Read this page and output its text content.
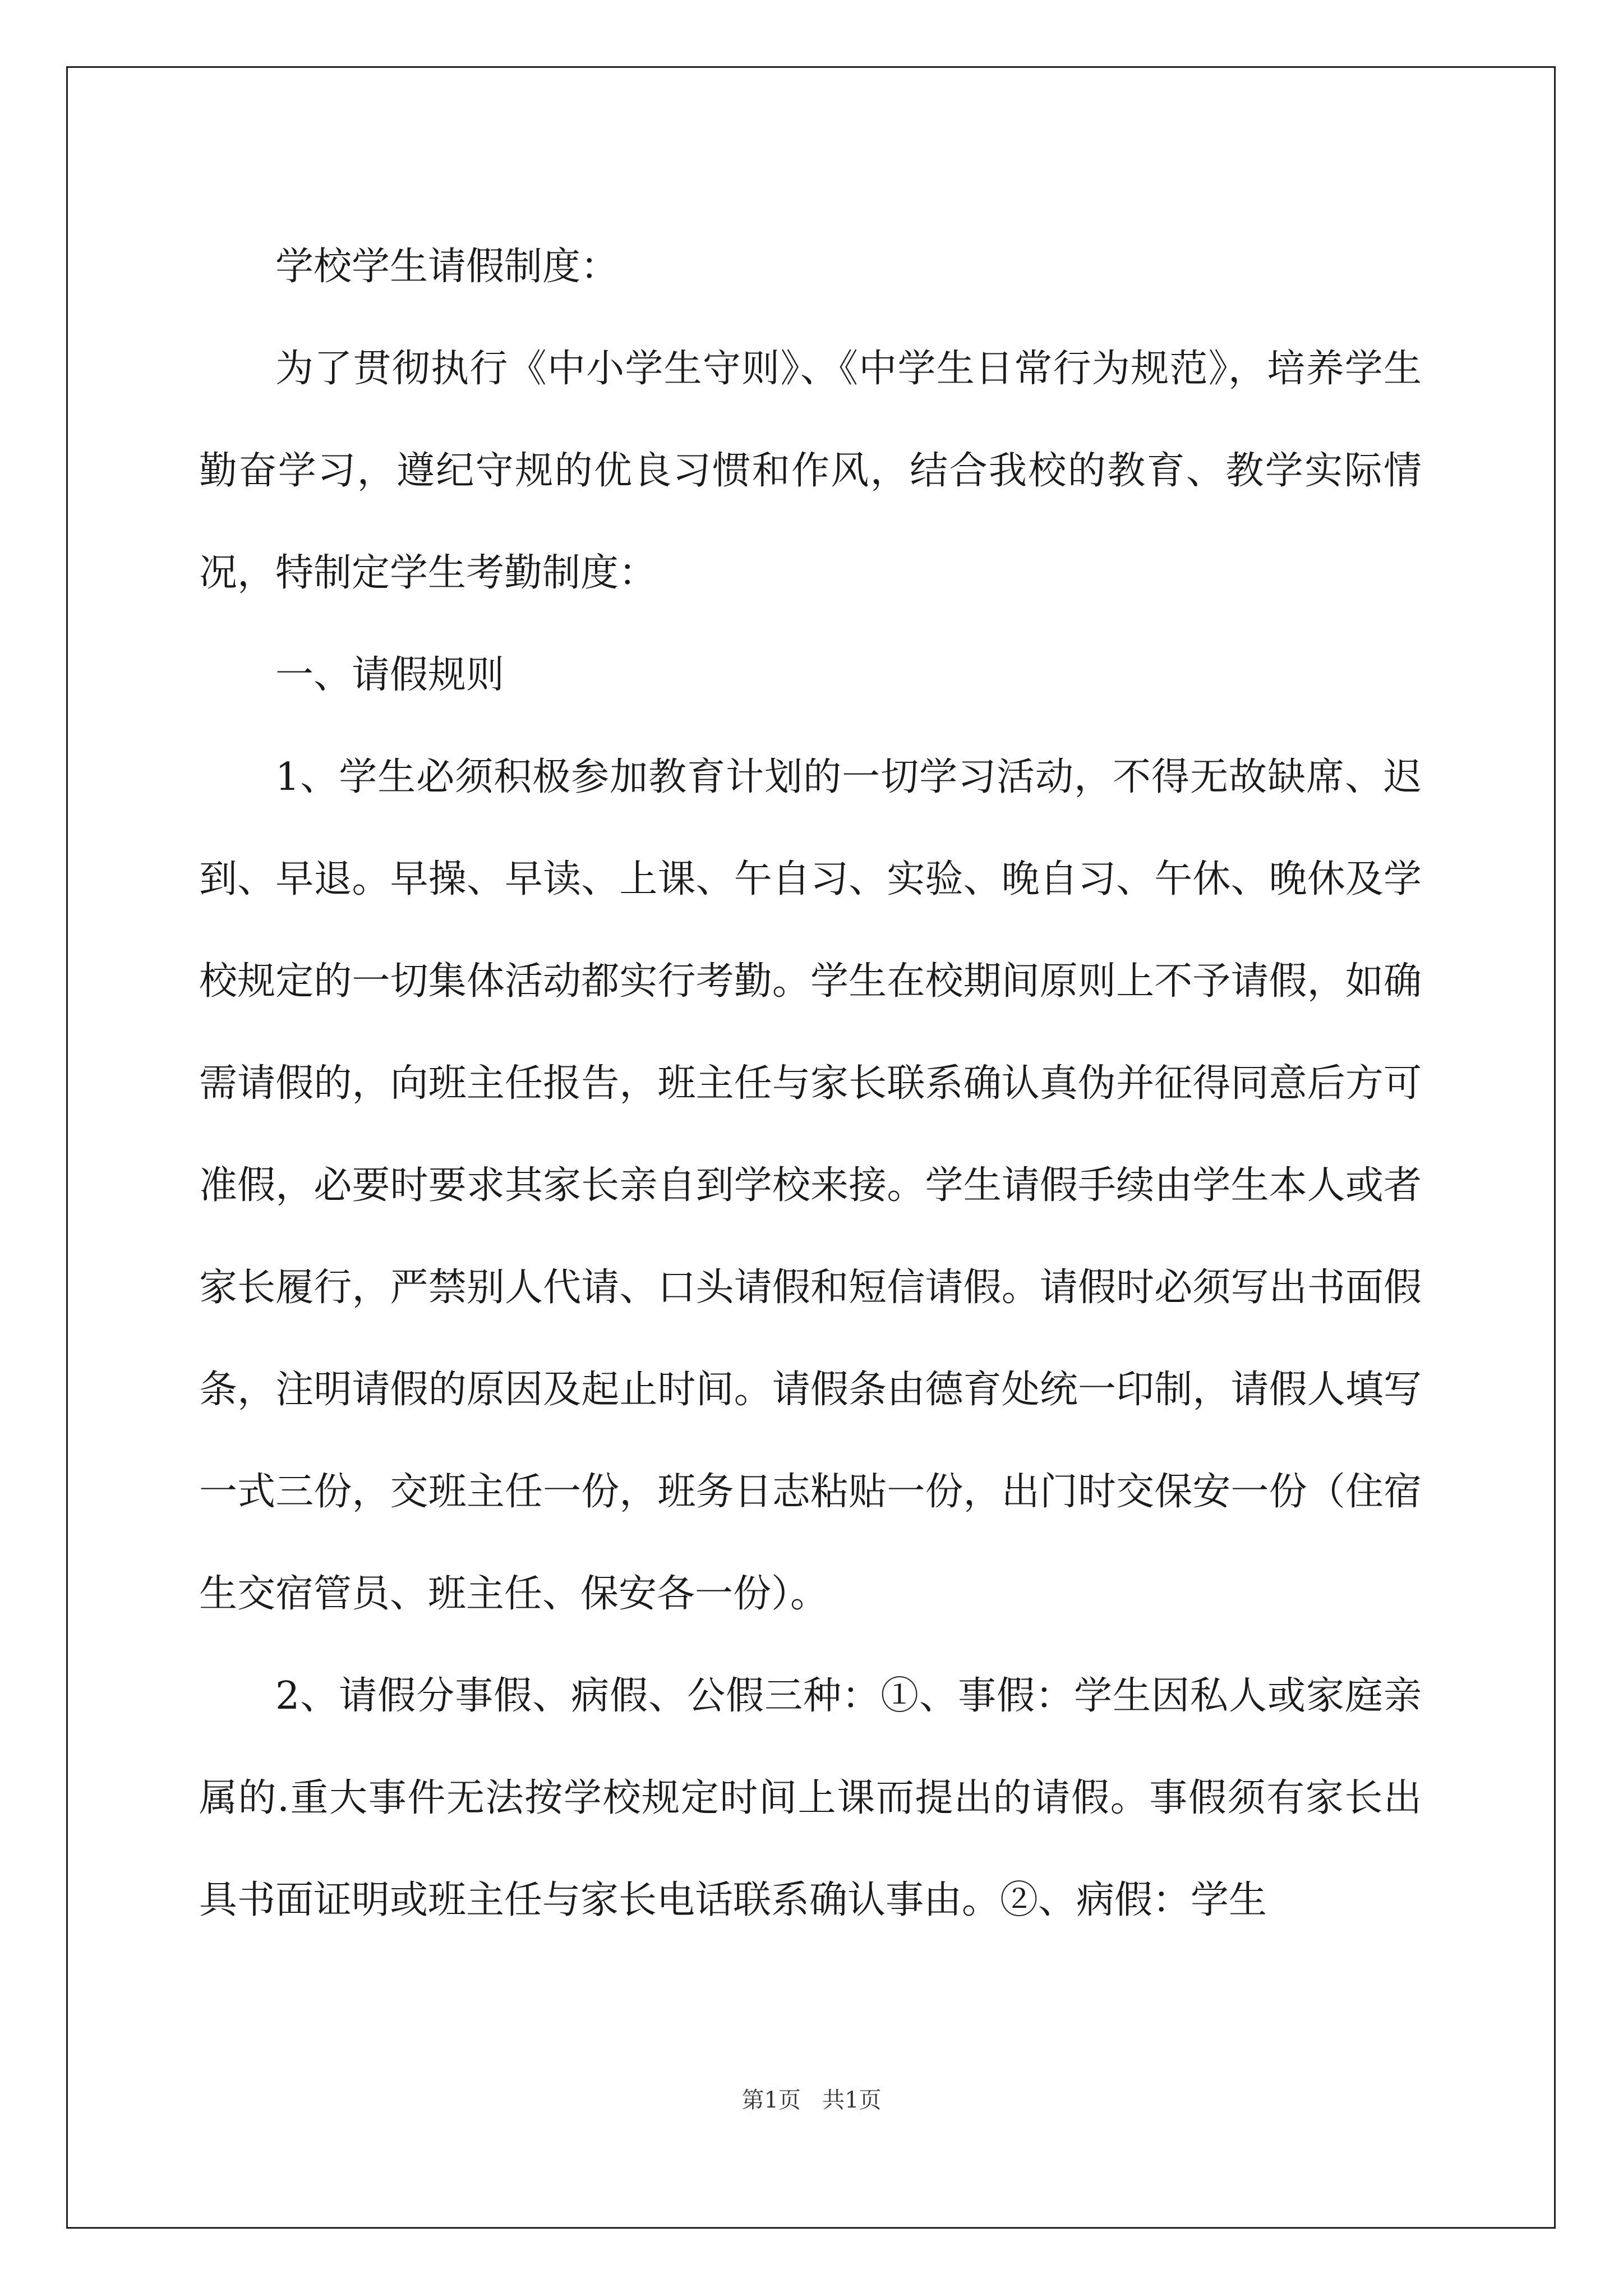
学校学生请假制度：

为了贯彻执行《中小学生守则》、《中学生日常行为规范》，培养学生勤奋学习，遵纪守规的优良习惯和作风，结合我校的教育、教学实际情况，特制定学生考勤制度：

一、请假规则

1、学生必须积极参加教育计划的一切学习活动，不得无故缺席、迟到、早退。早操、早读、上课、午自习、实验、晚自习、午休、晚休及学校规定的一切集体活动都实行考勤。学生在校期间原则上不予请假，如确需请假的，向班主任报告，班主任与家长联系确认真伪并征得同意后方可准假，必要时要求其家长亲自到学校来接。学生请假手续由学生本人或者家长履行，严禁别人代请、口头请假和短信请假。请假时必须写出书面假条，注明请假的原因及起止时间。请假条由德育处统一印制，请假人填写一式三份，交班主任一份，班务日志粘贴一份，出门时交保安一份（住宿生交宿管员、班主任、保安各一份）。

2、请假分事假、病假、公假三种：①、事假：学生因私人或家庭亲属的.重大事件无法按学校规定时间上课而提出的请假。事假须有家长出具书面证明或班主任与家长电话联系确认事由。②、病假：学生

第1页 共1页
